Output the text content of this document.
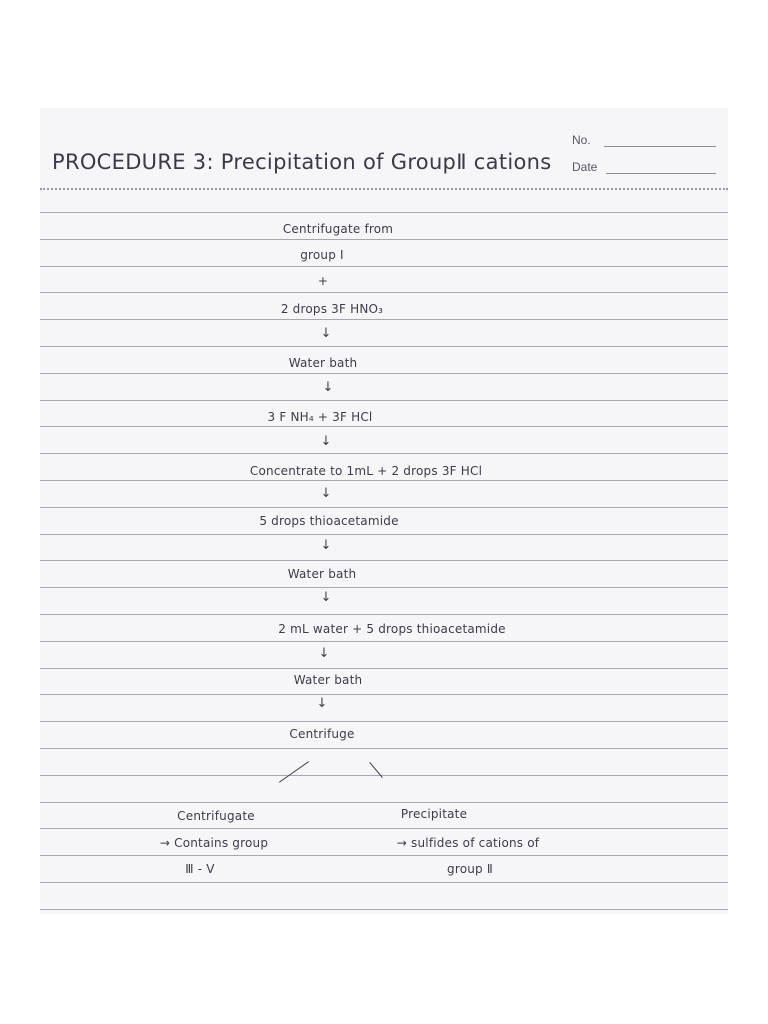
No.
Date
PROCEDURE 3: Precipitation of GroupⅡ cations
Centrifugate from
group Ⅰ
+
2 drops 3F HNO₃
↓
Water bath
↓
3 F NH₄ + 3F HCl
↓
Concentrate to 1mL + 2 drops 3F HCl
↓
5 drops thioacetamide
↓
Water bath
↓
2 mL water + 5 drops thioacetamide
↓
Water bath
↓
Centrifuge
Centrifugate
→ Contains group
Ⅲ - Ⅴ
Precipitate
→ sulfides of cations of
group Ⅱ
